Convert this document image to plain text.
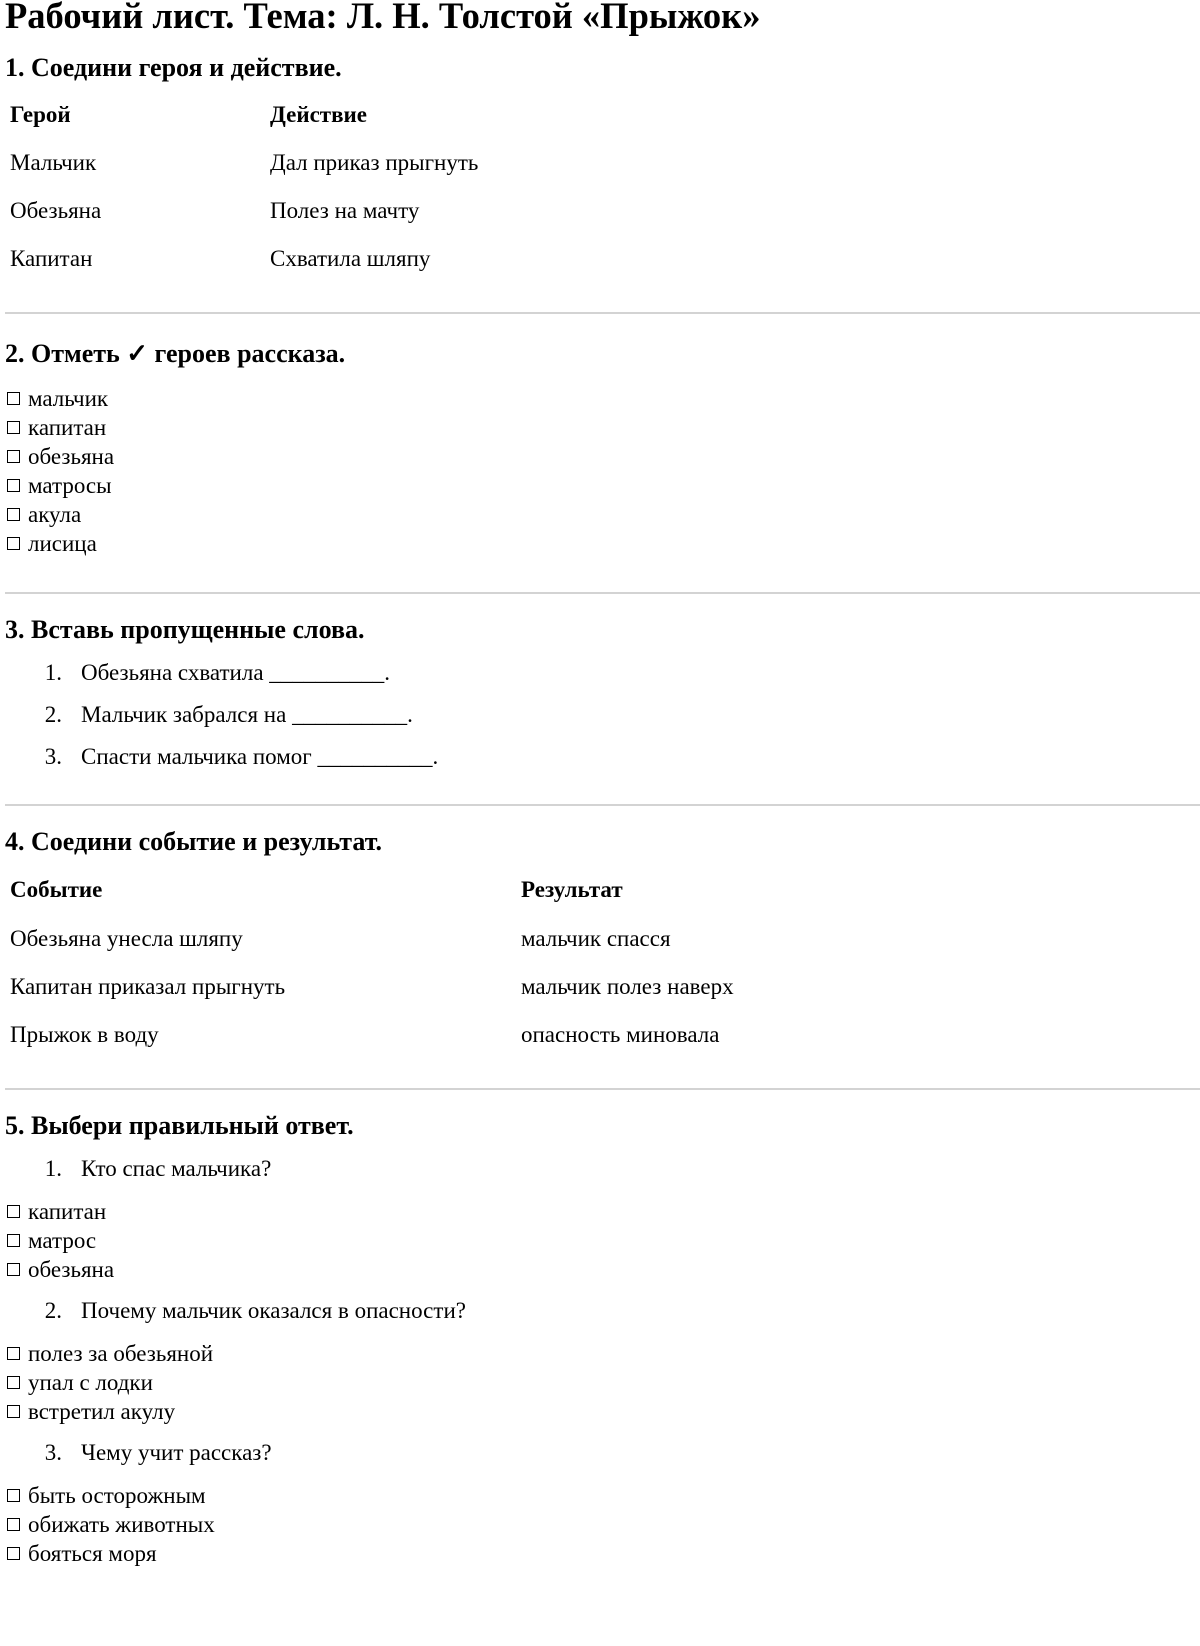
Рабочий лист. Тема: Л. Н. Толстой «Прыжок»
1. Соедини героя и действие.
Герой	Действие
Мальчик	Дал приказ прыгнуть
Обезьяна	Полез на мачту
Капитан	Схватила шляпу
2. Отметь ✓ героев рассказа.
мальчик
капитан
обезьяна
матросы
акула
лисица
3. Вставь пропущенные слова.
1. Обезьяна схватила __________.
2. Мальчик забрался на __________.
3. Спасти мальчика помог __________.
4. Соедини событие и результат.
Событие	Результат
Обезьяна унесла шляпу	мальчик спасся
Капитан приказал прыгнуть	мальчик полез наверх
Прыжок в воду	опасность миновала
5. Выбери правильный ответ.
1. Кто спас мальчика?
капитан
матрос
обезьяна
2. Почему мальчик оказался в опасности?
полез за обезьяной
упал с лодки
встретил акулу
3. Чему учит рассказ?
быть осторожным
обижать животных
бояться моря
